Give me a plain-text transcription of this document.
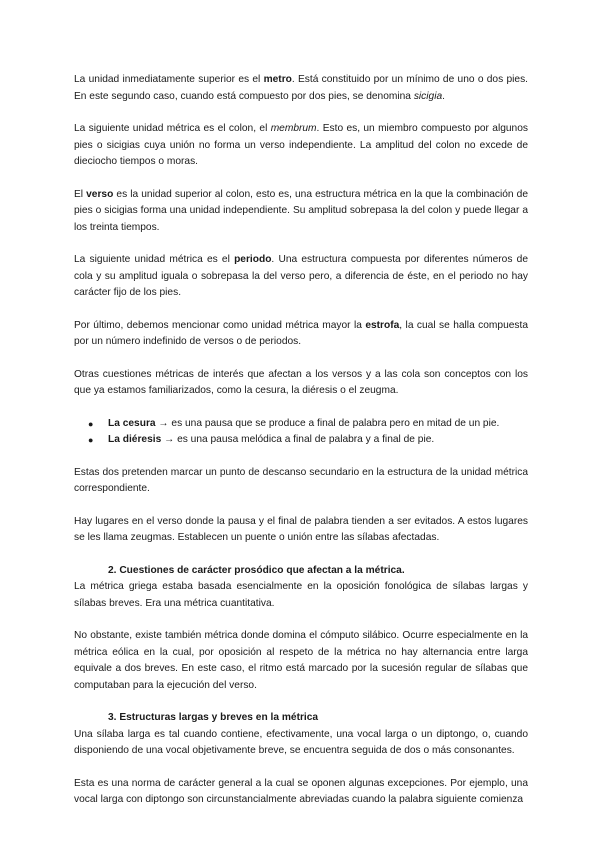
La unidad inmediatamente superior es el metro. Está constituido por un mínimo de uno o dos pies. En este segundo caso, cuando está compuesto por dos pies, se denomina sicigia.

La siguiente unidad métrica es el colon, el membrum. Esto es, un miembro compuesto por algunos pies o sicigias cuya unión no forma un verso independiente. La amplitud del colon no excede de dieciocho tiempos o moras.

El verso es la unidad superior al colon, esto es, una estructura métrica en la que la combinación de pies o sicigias forma una unidad independiente. Su amplitud sobrepasa la del colon y puede llegar a los treinta tiempos.

La siguiente unidad métrica es el periodo. Una estructura compuesta por diferentes números de cola y su amplitud iguala o sobrepasa la del verso pero, a diferencia de éste, en el periodo no hay carácter fijo de los pies.

Por último, debemos mencionar como unidad métrica mayor la estrofa, la cual se halla compuesta por un número indefinido de versos o de periodos.

Otras cuestiones métricas de interés que afectan a los versos y a las cola son conceptos con los que ya estamos familiarizados, como la cesura, la diéresis o el zeugma.

● La cesura → es una pausa que se produce a final de palabra pero en mitad de un pie.
● La diéresis → es una pausa melódica a final de palabra y a final de pie.

Estas dos pretenden marcar un punto de descanso secundario en la estructura de la unidad métrica correspondiente.

Hay lugares en el verso donde la pausa y el final de palabra tienden a ser evitados. A estos lugares se les llama zeugmas. Establecen un puente o unión entre las sílabas afectadas.

2. Cuestiones de carácter prosódico que afectan a la métrica.

La métrica griega estaba basada esencialmente en la oposición fonológica de sílabas largas y sílabas breves. Era una métrica cuantitativa.

No obstante, existe también métrica donde domina el cómputo silábico. Ocurre especialmente en la métrica eólica en la cual, por oposición al respeto de la métrica no hay alternancia entre larga equivale a dos breves. En este caso, el ritmo está marcado por la sucesión regular de sílabas que computaban para la ejecución del verso.

3. Estructuras largas y breves en la métrica

Una sílaba larga es tal cuando contiene, efectivamente, una vocal larga o un diptongo, o, cuando disponiendo de una vocal objetivamente breve, se encuentra seguida de dos o más consonantes.

Esta es una norma de carácter general a la cual se oponen algunas excepciones. Por ejemplo, una vocal larga con diptongo son circunstancialmente abreviadas cuando la palabra siguiente comienza
